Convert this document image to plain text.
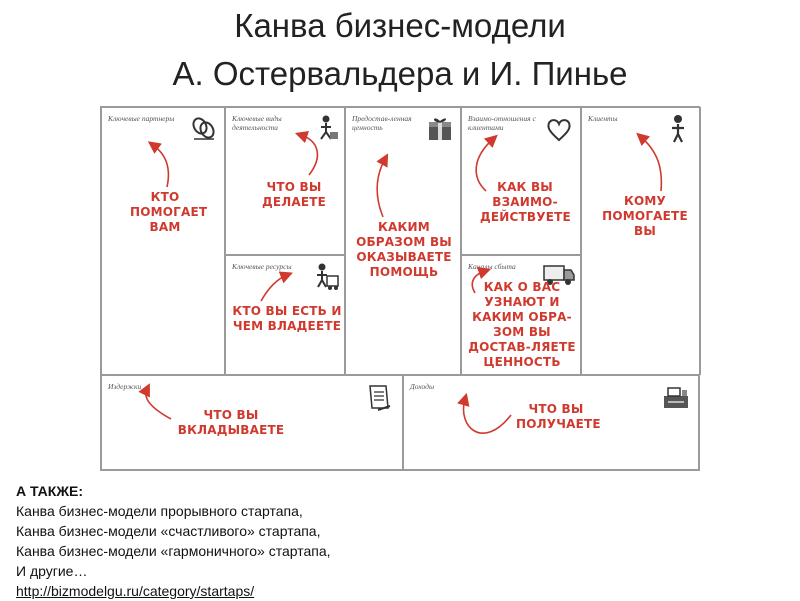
Канва бизнес-модели
А. Остервальдера и И. Пинье
Ключевые партнеры
КТО ПОМОГАЕТ ВАМ
Ключевые виды деятельности
ЧТО ВЫ ДЕЛАЕТЕ
Ключевые ресурсы
КТО ВЫ ЕСТЬ И ЧЕМ ВЛАДЕЕТЕ
Предостав-ленная ценность
КАКИМ ОБРАЗОМ ВЫ ОКАЗЫВАЕТЕ ПОМОЩЬ
Взаимо-отношения с клиентами
КАК ВЫ ВЗАИМО-ДЕЙСТВУЕТЕ
Каналы сбыта
КАК О ВАС УЗНАЮТ И КАКИМ ОБРА-ЗОМ ВЫ ДОСТАВ-ЛЯЕТЕ ЦЕННОСТЬ
Клиенты
КОМУ ПОМОГАЕТЕ ВЫ
Издержки
ЧТО ВЫ ВКЛАДЫВАЕТЕ
Доходы
ЧТО ВЫ ПОЛУЧАЕТЕ
А ТАКЖЕ:
Канва бизнес-модели прорывного стартапа,
Канва бизнес-модели «счастливого» стартапа,
Канва бизнес-модели «гармоничного» стартапа,
И другие…
http://bizmodelgu.ru/category/startaps/
